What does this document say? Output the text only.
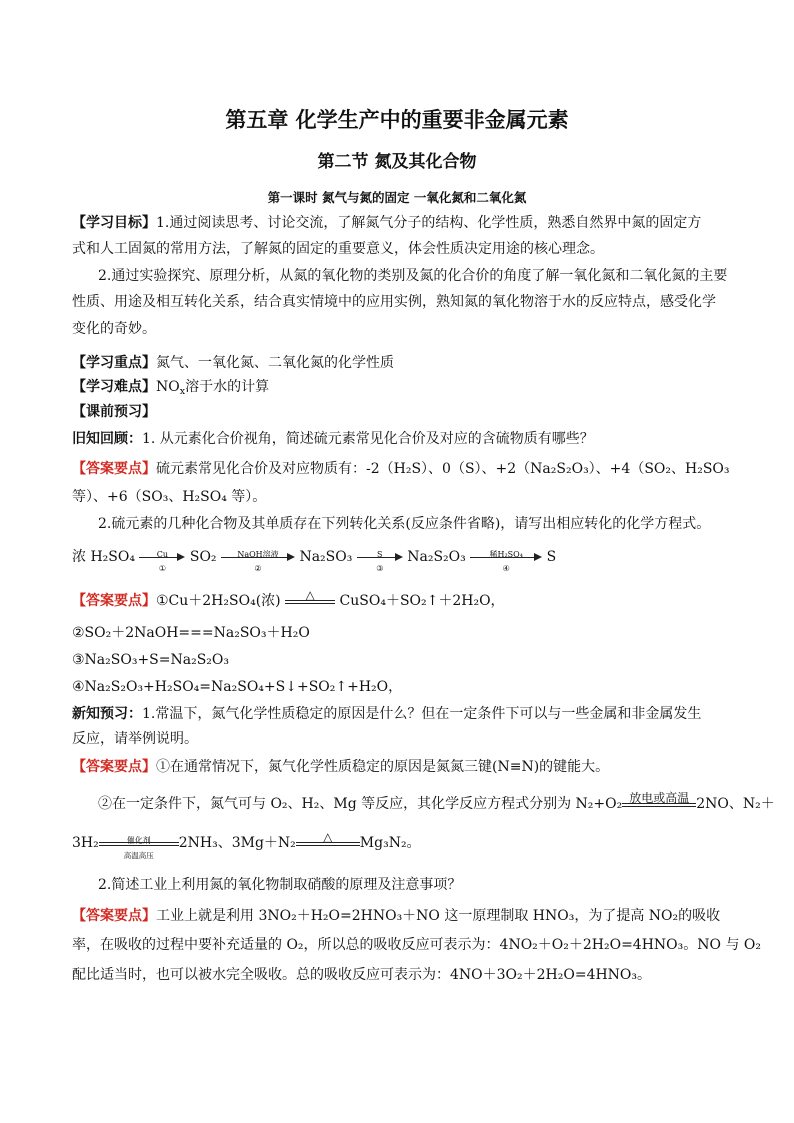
第五章 化学生产中的重要非金属元素
第二节 氮及其化合物
第一课时 氮气与氮的固定 一氧化氮和二氧化氮
【学习目标】1.通过阅读思考、讨论交流，了解氮气分子的结构、化学性质，熟悉自然界中氮的固定方
式和人工固氮的常用方法，了解氮的固定的重要意义，体会性质决定用途的核心理念。
2.通过实验探究、原理分析，从氮的氧化物的类别及氮的化合价的角度了解一氧化氮和二氧化氮的主要
性质、用途及相互转化关系，结合真实情境中的应用实例，熟知氮的氧化物溶于水的反应特点，感受化学
变化的奇妙。
【学习重点】氮气、一氧化氮、二氧化氮的化学性质
【学习难点】$NO_x$溶于水的计算
【课前预习】
旧知回顾：1. 从元素化合价视角，简述硫元素常见化合价及对应的含硫物质有哪些？
【答案要点】硫元素常见化合价及对应物质有：-2（H₂S）、0（S）、+2（Na₂S₂O₃）、+4（SO₂、H₂SO₃
等）、+6（SO₃、H₂SO₄ 等）。
2.硫元素的几种化合物及其单质存在下列转化关系(反应条件省略)，请写出相应转化的化学方程式。
浓 H₂SO₄	Cu
①
SO₂	NaOH溶液
②
Na₂SO₃	S
③
Na₂S₂O₃	稀H₂SO₄
④
S
【答案要点】①Cu＋2H₂SO₄(浓)	△	CuSO₄＋SO₂↑＋2H₂O，
②SO₂＋2NaOH===Na₂SO₃＋H₂O
③Na₂SO₃+S=Na₂S₂O₃
④Na₂S₂O₃+H₂SO₄=Na₂SO₄+S↓+SO₂↑+H₂O，
新知预习：1.常温下，氮气化学性质稳定的原因是什么？但在一定条件下可以与一些金属和非金属发生
反应，请举例说明。
【答案要点】①在通常情况下，氮气化学性质稳定的原因是氮氮三键(N≡N)的键能大。
②在一定条件下，氮气可与 O₂、H₂、Mg 等反应，其化学反应方程式分别为 N₂+O₂ 放电或高温 2NO、N₂＋
3H₂	催化剂
高温高压
2NH₃、3Mg＋N₂	△	Mg₃N₂。
2.简述工业上利用氮的氧化物制取硝酸的原理及注意事项？
【答案要点】工业上就是利用 3NO₂＋H₂O=2HNO₃＋NO 这一原理制取 HNO₃，为了提高 NO₂的吸收
率，在吸收的过程中要补充适量的 O₂，所以总的吸收反应可表示为：4NO₂＋O₂＋2H₂O=4HNO₃。NO 与 O₂
配比适当时，也可以被水完全吸收。总的吸收反应可表示为：4NO＋3O₂＋2H₂O=4HNO₃。
